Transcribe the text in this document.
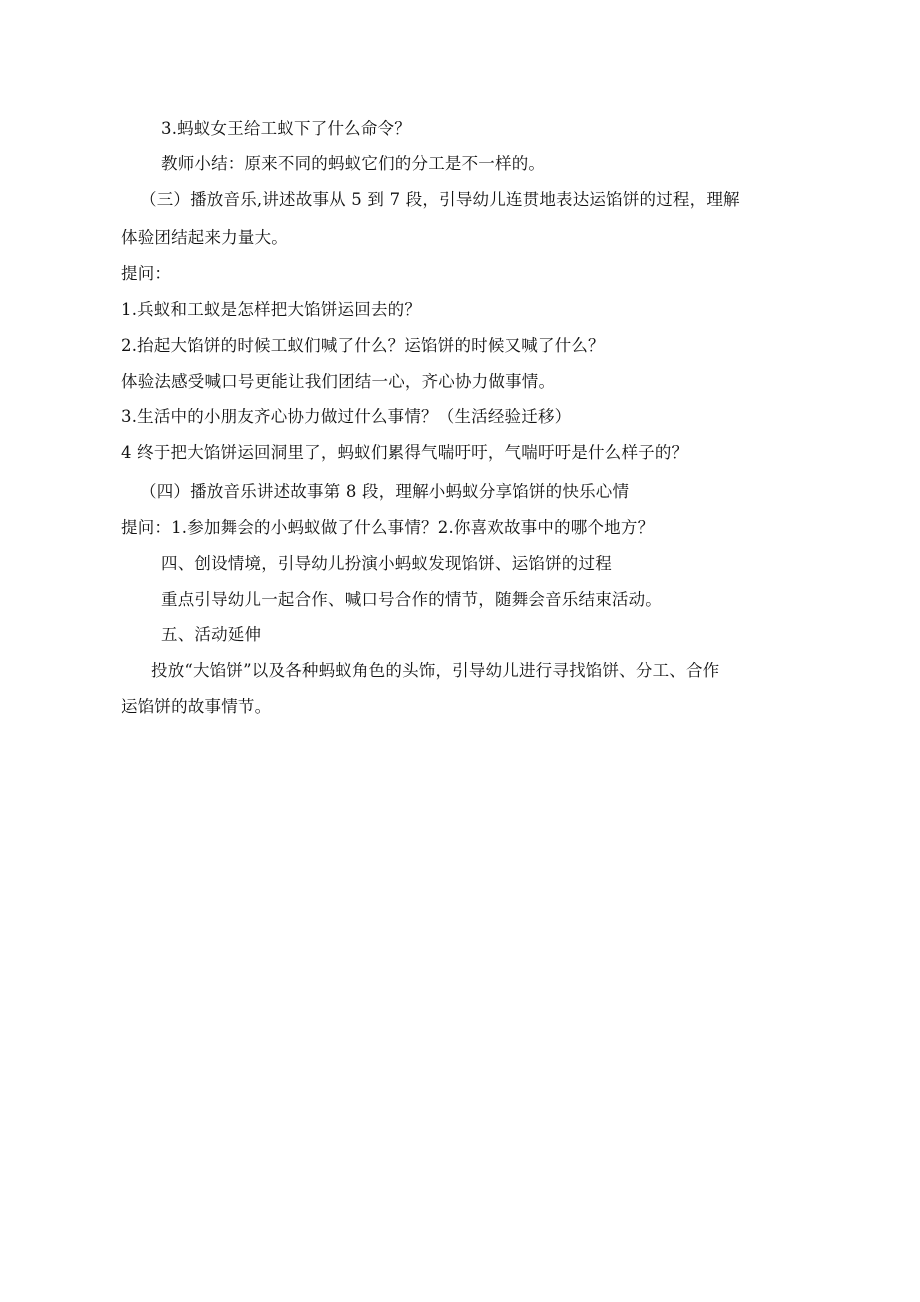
3.蚂蚁女王给工蚁下了什么命令？
教师小结：原来不同的蚂蚁它们的分工是不一样的。
（三）播放音乐,讲述故事从 5 到 7 段，引导幼儿连贯地表达运馅饼的过程，理解
体验团结起来力量大。
提问：
1.兵蚁和工蚁是怎样把大馅饼运回去的？
2.抬起大馅饼的时候工蚁们喊了什么？运馅饼的时候又喊了什么？
体验法感受喊口号更能让我们团结一心，齐心协力做事情。
3.生活中的小朋友齐心协力做过什么事情？（生活经验迁移）
4 终于把大馅饼运回洞里了，蚂蚁们累得气喘吁吁，气喘吁吁是什么样子的？
（四）播放音乐讲述故事第 8 段，理解小蚂蚁分享馅饼的快乐心情
提问：1.参加舞会的小蚂蚁做了什么事情？2.你喜欢故事中的哪个地方？
四、创设情境，引导幼儿扮演小蚂蚁发现馅饼、运馅饼的过程
重点引导幼儿一起合作、喊口号合作的情节，随舞会音乐结束活动。
五、活动延伸
投放“大馅饼”以及各种蚂蚁角色的头饰，引导幼儿进行寻找馅饼、分工、合作
运馅饼的故事情节。
